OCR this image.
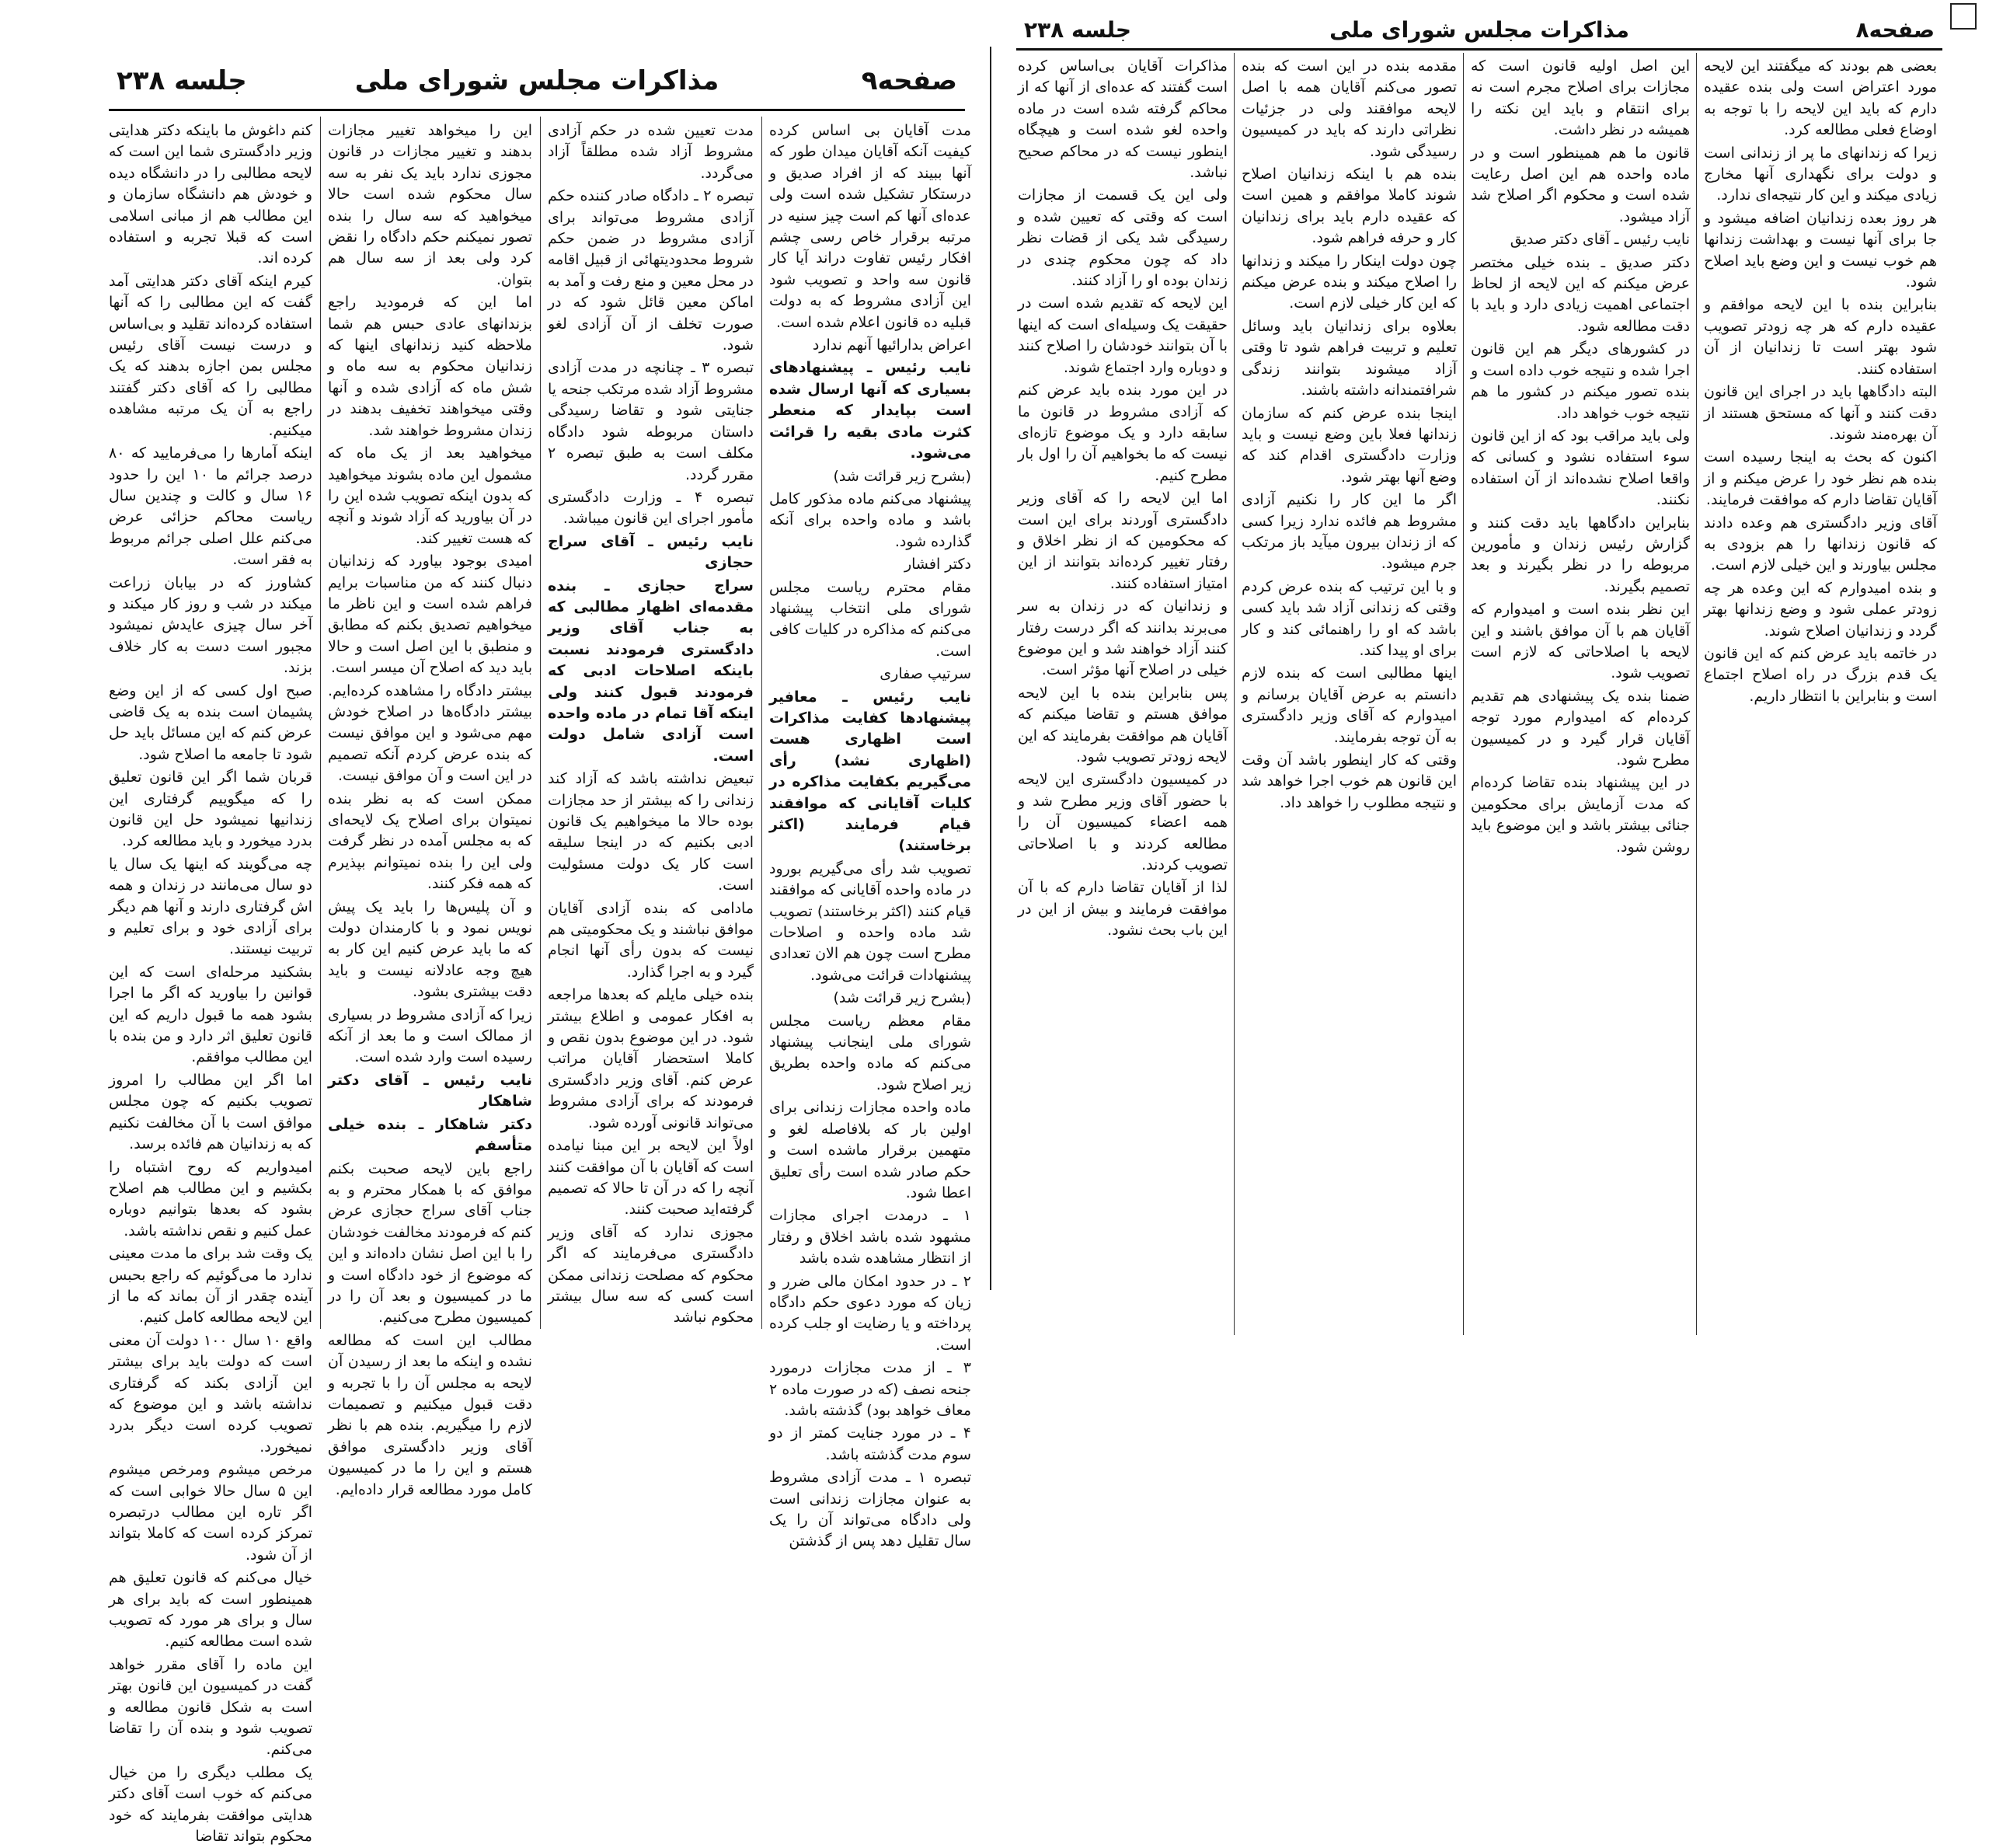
صفحه۹
مذاکرات مجلس شورای ملی
جلسه ۲۳۸

مدت آقایان بی اساس کرده کیفیت آنکه آقایان میدان طور که آنها ببیند که از افراد صدیق و درستکار تشکیل شده است ولی عده‌ای آنها کم است چیز سنیه در مرتبه برقرار خاص رسی چشم افکار رئیس تفاوت دراند آیا کار قانون سه واحد و تصویب شود این آزادی مشروط که به دولت قبلیه ده قانون اعلام شده است.

اعراض بدارائیها آنهم ندارد

نایب رئیس ـ پیشنهادهای بسیاری که آنها ارسال شده است بپایدار که منعطر کثرت مادی بقیه را قرائت می‌شود.

(بشرح زیر قرائت شد)

پیشنهاد می‌کنم ماده مذکور کامل باشد و ماده واحده برای آنکه گذارده شود.

دکتر افشار

مقام محترم ریاست مجلس شورای ملی انتخاب پیشنهاد می‌کنم که مذاکره در کلیات کافی است.

سرتیپ صفاری

نایب رئیس ـ معافیر پیشنهادها کفایت مذاکرات است اظهاری هست (اظهاری نشد) رأی می‌گیریم بکفایت مذاکره در کلیات آقایانی که موافقند قیام فرمایند (اکثر برخاستند)

تصویب شد رأی می‌گیریم بورود در ماده واحده آقایانی که موافقند قیام کنند (اکثر برخاستند) تصویب شد ماده واحده و اصلاحات مطرح است چون هم الان تعدادی پیشنهادات قرائت می‌شود.

(بشرح زیر قرائت شد)

مقام معظم ریاست مجلس شورای ملی اینجانب پیشنهاد می‌کنم که ماده واحده بطریق زیر اصلاح شود.

ماده واحده مجازات زندانی برای اولین بار که بلافاصله لغو و متهمین برقرار ماشده است و حکم صادر شده است رأی تعلیق اعطا شود.

۱ ـ درمدت اجرای مجازات مشهود شده باشد اخلاق و رفتار از انتظار مشاهده شده باشد

۲ ـ در حدود امکان مالی ضرر و زیان که مورد دعوی حکم دادگاه پرداخته و یا رضایت او جلب کرده است.

۳ ـ از مدت مجازات درمورد جنحه نصف (که در صورت ماده ۲ معاف خواهد بود) گذشته باشد.

۴ ـ در مورد جنایت کمتر از دو سوم مدت گذشته باشد.

تبصره ۱ ـ مدت آزادی مشروط به عنوان مجازات زندانی است ولی دادگاه می‌تواند آن را یک سال تقلیل دهد پس از گذشتن

مدت تعیین شده در حکم آزادی مشروط آزاد شده مطلقاً آزاد می‌گردد.

تبصره ۲ ـ دادگاه صادر کننده حکم آزادی مشروط می‌تواند برای آزادی مشروط در ضمن حکم شروط محدودیتهائی از قبیل اقامه در محل معین و منع رفت و آمد به اماکن معین قائل شود که در صورت تخلف از آن آزادی لغو شود.

تبصره ۳ ـ چنانچه در مدت آزادی مشروط آزاد شده مرتکب جنحه یا جنایتی شود و تقاضا رسیدگی داستان مربوطه شود دادگاه مکلف است به طبق تبصره ۲ مقرر گردد.

تبصره ۴ ـ وزارت دادگستری مأمور اجرای این قانون میباشد.

نایب رئیس ـ آقای سراج حجازی

سراج حجازی ـ بنده مقدمه‌ای اظهار مطالبی که به جناب آقای وزیر دادگستری فرمودند نسبت باینکه اصلاحات ادبی که فرمودند قبول کنند ولی اینکه آقا تمام در ماده واحده است آزادی شامل دولت است.

تبعیض نداشته باشد که آزاد کند زندانی را که بیشتر از حد مجازات بوده حالا ما میخواهیم یک قانون ادبی بکنیم که در اینجا سلیقه است کار یک دولت مسئولیت است.

مادامی که بنده آزادی آقایان موافق نباشند و یک محکومیتی هم نیست که بدون رأی آنها انجام گیرد و به اجرا گذارد.

بنده خیلی مایلم که بعدها مراجعه به افکار عمومی و اطلاع بیشتر شود. در این موضوع بدون نقص و کاملا استحضار آقایان مراتب عرض کنم. آقای وزیر دادگستری فرمودند که برای آزادی مشروط می‌تواند قانونی آورده شود.

اولاً این لایحه بر این مبنا نیامده است که آقایان با آن موافقت کنند آنچه را که در آن تا حالا که تصمیم گرفته‌اید صحبت کنند.

مجوزی ندارد که آقای وزیر دادگستری می‌فرمایند که اگر محکوم که مصلحت زندانی ممکن است کسی که سه سال بیشتر محکوم نباشد

این را میخواهد تغییر مجازات بدهند و تغییر مجازات در قانون مجوزی ندارد باید یک نفر به سه سال محکوم شده است حالا میخواهید که سه سال را بنده تصور نمیکنم حکم دادگاه را نقض کرد ولی بعد از سه سال هم بتوان.

اما این که فرمودید راجع بزندانهای عادی حبس هم شما ملاحظه کنید زندانهای اینها که زندانیان محکوم به سه ماه و شش ماه که آزادی شده و آنها وقتی میخواهند تخفیف بدهند در زندان مشروط خواهند شد.

میخواهید بعد از یک ماه که مشمول این ماده بشوند میخواهید که بدون اینکه تصویب شده این را در آن بیاورید که آزاد شوند و آنچه که هست تغییر کند.

امیدی بوجود بیاورد که زندانیان دنبال کنند که من مناسبات برایم فراهم شده است و این ناظر ما میخواهیم تصدیق بکنم که مطابق و منطبق با این اصل است و حالا باید دید که اصلاح آن میسر است.

بیشتر دادگاه را مشاهده کرده‌ایم. بیشتر دادگاه‌ها در اصلاح خودش مهم می‌شود و این موافق نیست که بنده عرض کردم آنکه تصمیم در این است و آن موافق نیست.

ممکن است که به نظر بنده نمیتوان برای اصلاح یک لایحه‌ای که به مجلس آمده در نظر گرفت ولی این را بنده نمیتوانم بپذیرم که همه فکر کنند.

و آن پلیس‌ها را باید یک پیش نویس نمود و با کارمندان دولت که ما باید عرض کنیم این کار به هیچ وجه عادلانه نیست و باید دقت بیشتری بشود.

زیرا که آزادی مشروط در بسیاری از ممالک است و ما بعد از آنکه رسیده است وارد شده است.

نایب رئیس ـ آقای دکتر شاهکار

دکتر شاهکار ـ بنده خیلی متأسفم

راجع باین لایحه صحبت بکنم موافق که با همکار محترم و به جناب آقای سراج حجازی عرض کنم که فرمودند مخالفت خودشان را با این اصل نشان داده‌اند و این که موضوع از خود دادگاه است و ما در کمیسیون و بعد آن را در کمیسیون مطرح می‌کنیم.

مطالب این است که مطالعه نشده و اینکه ما بعد از رسیدن آن لایحه به مجلس آن را با تجربه و دقت قبول میکنیم و تصمیمات لازم را میگیریم. بنده هم با نظر آقای وزیر دادگستری موافق هستم و این را ما در کمیسیون کامل مورد مطالعه قرار داده‌ایم.

کنم داغوش ما باینکه دکتر هدایتی وزیر دادگستری شما این است که لایحه مطالبی را در دانشگاه دیده و خودش هم دانشگاه سازمان و این مطالب هم از مبانی اسلامی است که قبلا تجربه و استفاده کرده اند.

کیرم اینکه آقای دکتر هدایتی آمد گفت که این مطالبی را که آنها استفاده کرده‌اند تقلید و بی‌اساس و درست نیست آقای رئیس مجلس بمن اجازه بدهند که یک مطالبی را که آقای دکتر گفتند راجع به آن یک مرتبه مشاهده میکنیم.

اینکه آمارها را می‌فرمایید که ۸۰ درصد جرائم ما ۱۰ این را حدود ۱۶ سال و کالت و چندین سال ریاست محاکم حزائی عرض می‌کنم علل اصلی جرائم مربوط به فقر است.

کشاورز که در بیابان زراعت میکند در شب و روز کار میکند و آخر سال چیزی عایدش نمیشود مجبور است دست به کار خلاف بزند.

صبح اول کسی که از این وضع پشیمان است بنده به یک قاضی عرض کنم که این مسائل باید حل شود تا جامعه ما اصلاح شود.

قربان شما اگر این قانون تعلیق را که میگوییم گرفتاری این زندانیها نمیشود حل این قانون بدرد میخورد و باید مطالعه کرد.

چه می‌گویند که اینها یک سال یا دو سال می‌مانند در زندان و همه اش گرفتاری دارند و آنها هم دیگر برای آزادی خود و برای تعلیم و تربیت نیستند.

بشکنید مرحله‌ای است که این قوانین را بیاورید که اگر ما اجرا بشود همه ما قبول داریم که این قانون تعلیق اثر دارد و من بنده با این مطالب موافقم.

اما اگر این مطالب را امروز تصویب بکنیم که چون مجلس موافق است با آن مخالفت نکنیم که به زندانیان هم فائده برسد.

امیدواریم که روح اشتباه را بکشیم و این مطالب هم اصلاح بشود که بعدها بتوانیم دوباره عمل کنیم و نقص نداشته باشد.

یک وقت شد برای ما مدت معینی ندارد ما می‌گوئیم که راجع بحبس آینده چقدر از آن بماند که ما از این لایحه مطالعه کامل کنیم.

واقع ۱۰ سال ۱۰۰ دولت آن معنی است که دولت باید برای بیشتر این آزادی بکند که گرفتاری نداشته باشد و این موضوع که تصویب کرده است دیگر بدرد نمیخورد.

مرخص میشوم ومرخص میشوم این ۵ سال حالا خوابی است که اگر تاره این مطالب درتبصره تمرکز کرده است که کاملا بتواند از آن شود.

خیال می‌کنم که قانون تعلیق هم همینطور است که باید برای هر سال و برای هر مورد که تصویب شده است مطالعه کنیم.

این ماده را آقای مقرر خواهد گفت در کمیسیون این قانون بهتر است به شکل قانون مطالعه و تصویب شود و بنده آن را تقاضا می‌کنم.

یک مطلب دیگری را من خیال می‌کنم که خوب است آقای دکتر هدایتی موافقت بفرمایند که خود محکوم بتواند تقاضا

صفحه۸
مذاکرات مجلس شورای ملی
جلسه ۲۳۸

بعضی هم بودند که میگفتند این لایحه مورد اعتراض است ولی بنده عقیده دارم که باید این لایحه را با توجه به اوضاع فعلی مطالعه کرد.

زیرا که زندانهای ما پر از زندانی است و دولت برای نگهداری آنها مخارج زیادی میکند و این کار نتیجه‌ای ندارد.

هر روز بعده زندانیان اضافه میشود و جا برای آنها نیست و بهداشت زندانها هم خوب نیست و این وضع باید اصلاح شود.

بنابراین بنده با این لایحه موافقم و عقیده دارم که هر چه زودتر تصویب شود بهتر است تا زندانیان از آن استفاده کنند.

البته دادگاهها باید در اجرای این قانون دقت کنند و آنها که مستحق هستند از آن بهره‌مند شوند.

اکنون که بحث به اینجا رسیده است بنده هم نظر خود را عرض میکنم و از آقایان تقاضا دارم که موافقت فرمایند.

آقای وزیر دادگستری هم وعده دادند که قانون زندانها را هم بزودی به مجلس بیاورند و این خیلی لازم است.

و بنده امیدوارم که این وعده هر چه زودتر عملی شود و وضع زندانها بهتر گردد و زندانیان اصلاح شوند.

در خاتمه باید عرض کنم که این قانون یک قدم بزرگ در راه اصلاح اجتماع است و بنابراین با انتظار داریم.

این اصل اولیه قانون است که مجازات برای اصلاح مجرم است نه برای انتقام و باید این نکته را همیشه در نظر داشت.

قانون ما هم همینطور است و در ماده واحده هم این اصل رعایت شده است و محکوم اگر اصلاح شد آزاد میشود.

نایب رئیس ـ آقای دکتر صدیق

دکتر صدیق ـ بنده خیلی مختصر عرض میکنم که این لایحه از لحاظ اجتماعی اهمیت زیادی دارد و باید با دقت مطالعه شود.

در کشورهای دیگر هم این قانون اجرا شده و نتیجه خوب داده است و بنده تصور میکنم در کشور ما هم نتیجه خوب خواهد داد.

ولی باید مراقب بود که از این قانون سوء استفاده نشود و کسانی که واقعا اصلاح نشده‌اند از آن استفاده نکنند.

بنابراین دادگاهها باید دقت کنند و گزارش رئیس زندان و مأمورین مربوطه را در نظر بگیرند و بعد تصمیم بگیرند.

این نظر بنده است و امیدوارم که آقایان هم با آن موافق باشند و این لایحه با اصلاحاتی که لازم است تصویب شود.

ضمنا بنده یک پیشنهادی هم تقدیم کرده‌ام که امیدوارم مورد توجه آقایان قرار گیرد و در کمیسیون مطرح شود.

در این پیشنهاد بنده تقاضا کرده‌ام که مدت آزمایش برای محکومین جنائی بیشتر باشد و این موضوع باید روشن شود.

مقدمه بنده در این است که بنده تصور می‌کنم آقایان همه با اصل لایحه موافقند ولی در جزئیات نظراتی دارند که باید در کمیسیون رسیدگی شود.

بنده هم با اینکه زندانیان اصلاح شوند کاملا موافقم و همین است که عقیده دارم باید برای زندانیان کار و حرفه فراهم شود.

چون دولت اینکار را میکند و زندانها را اصلاح میکند و بنده عرض میکنم که این کار خیلی لازم است.

بعلاوه برای زندانیان باید وسائل تعلیم و تربیت فراهم شود تا وقتی آزاد میشوند بتوانند زندگی شرافتمندانه داشته باشند.

اینجا بنده عرض کنم که سازمان زندانها فعلا باین وضع نیست و باید وزارت دادگستری اقدام کند که وضع آنها بهتر شود.

اگر ما این کار را نکنیم آزادی مشروط هم فائده ندارد زیرا کسی که از زندان بیرون میآید باز مرتکب جرم میشود.

و با این ترتیب که بنده عرض کردم وقتی که زندانی آزاد شد باید کسی باشد که او را راهنمائی کند و کار برای او پیدا کند.

اینها مطالبی است که بنده لازم دانستم به عرض آقایان برسانم و امیدوارم که آقای وزیر دادگستری به آن توجه بفرمایند.

وقتی که کار اینطور باشد آن وقت این قانون هم خوب اجرا خواهد شد و نتیجه مطلوب را خواهد داد.

مذاکرات آقایان بی‌اساس کرده است گفتند که عده‌ای از آنها که از محاکم گرفته شده است در ماده واحده لغو شده است و هیچگاه اینطور نیست که در محاکم صحیح نباشد.

ولی این یک قسمت از مجازات است که وقتی که تعیین شده و رسیدگی شد یکی از قضات نظر داد که چون محکوم چندی در زندان بوده او را آزاد کنند.

این لایحه که تقدیم شده است در حقیقت یک وسیله‌ای است که اینها با آن بتوانند خودشان را اصلاح کنند و دوباره وارد اجتماع شوند.

در این مورد بنده باید عرض کنم که آزادی مشروط در قانون ما سابقه دارد و یک موضوع تازه‌ای نیست که ما بخواهیم آن را اول بار مطرح کنیم.

اما این لایحه را که آقای وزیر دادگستری آوردند برای این است که محکومین که از نظر اخلاق و رفتار تغییر کرده‌اند بتوانند از این امتیاز استفاده کنند.

و زندانیان که در زندان به سر می‌برند بدانند که اگر درست رفتار کنند آزاد خواهند شد و این موضوع خیلی در اصلاح آنها مؤثر است.

پس بنابراین بنده با این لایحه موافق هستم و تقاضا میکنم که آقایان هم موافقت بفرمایند که این لایحه زودتر تصویب شود.

در کمیسیون دادگستری این لایحه با حضور آقای وزیر مطرح شد و همه اعضاء کمیسیون آن را مطالعه کردند و با اصلاحاتی تصویب کردند.

لذا از آقایان تقاضا دارم که با آن موافقت فرمایند و بیش از این در این باب بحث نشود.
